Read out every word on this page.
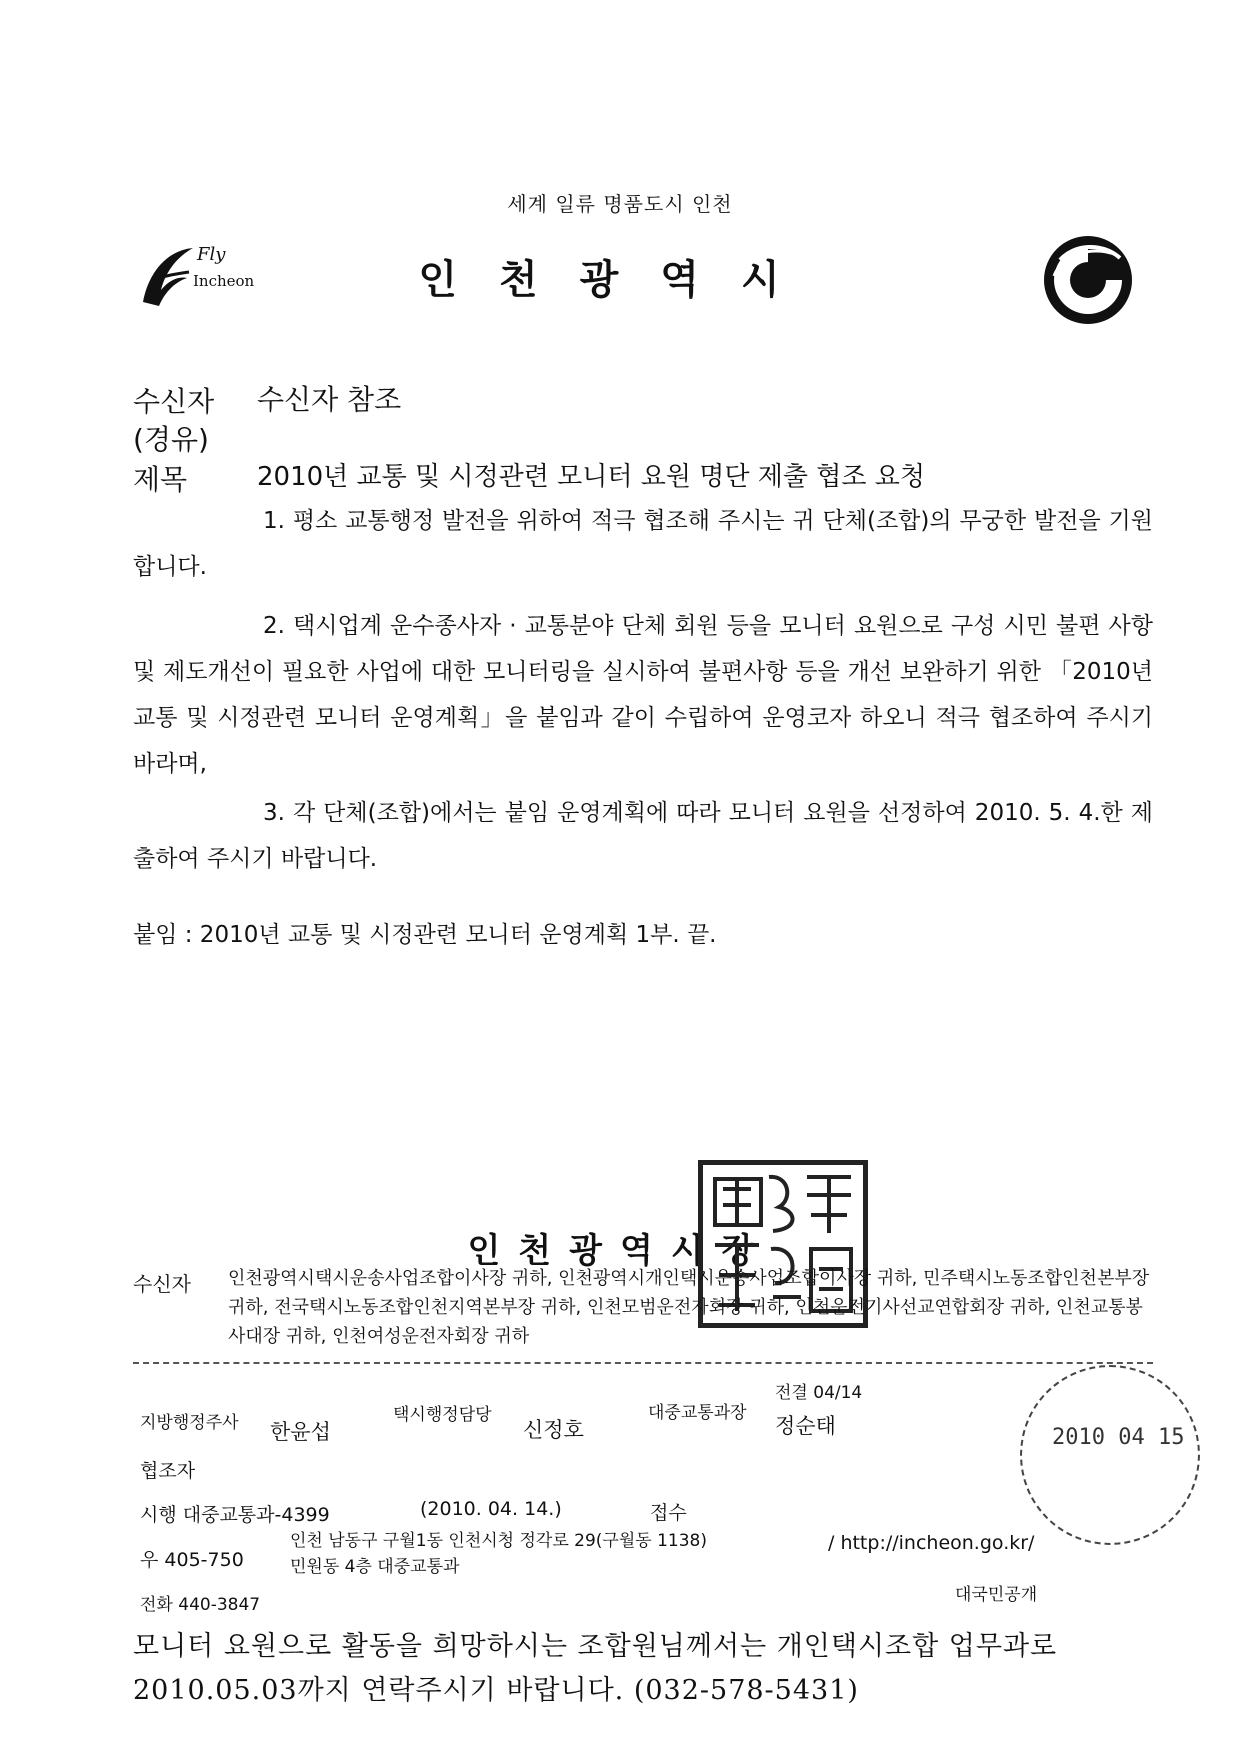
세계 일류 명품도시 인천
Fly
Incheon	인천광역시
수신자 수신자 참조
(경유)
제목	2010년 교통 및 시정관련 모니터 요원 명단 제출 협조 요청
1. 평소 교통행정 발전을 위하여 적극 협조해 주시는 귀 단체(조합)의 무궁한 발전을 기원합니다.
2. 택시업계 운수종사자 · 교통분야 단체 회원 등을 모니터 요원으로 구성 시민 불편 사항 및 제도개선이 필요한 사업에 대한 모니터링을 실시하여 불편사항 등을 개선 보완하기 위한 「2010년 교통 및 시정관련 모니터 운영계획」을 붙임과 같이 수립하여 운영코자 하오니 적극 협조하여 주시기 바라며,
3. 각 단체(조합)에서는 붙임 운영계획에 따라 모니터 요원을 선정하여 2010. 5. 4.한 제출하여 주시기 바랍니다.
붙임 : 2010년 교통 및 시정관련 모니터 운영계획 1부. 끝.
인천광역시장
수신자 인천광역시택시운송사업조합이사장 귀하, 인천광역시개인택시운송사업조합이사장 귀하, 민주택시노동조합인천본부장 귀하, 전국택시노동조합인천지역본부장 귀하, 인천모범운전자회장 귀하, 인천운전기사선교연합회장 귀하, 인천교통봉사대장 귀하, 인천여성운전자회장 귀하
지방행정주사 한윤섭
택시행정담당
신정호
대중교통과장
전결 04/14
정순태
협조자
시행 대중교통과-4399	(2010. 04. 14.)	접수
우 405-750
인천 남동구 구월1동 인천시청 정각로 29(구월동 1138)
민원동 4층 대중교통과
/ http://incheon.go.kr/
전화 440-3847	대국민공개
2010 04 15
모니터 요원으로 활동을 희망하시는 조합원님께서는 개인택시조합 업무과로
2010.05.03까지 연락주시기 바랍니다. (032-578-5431)
